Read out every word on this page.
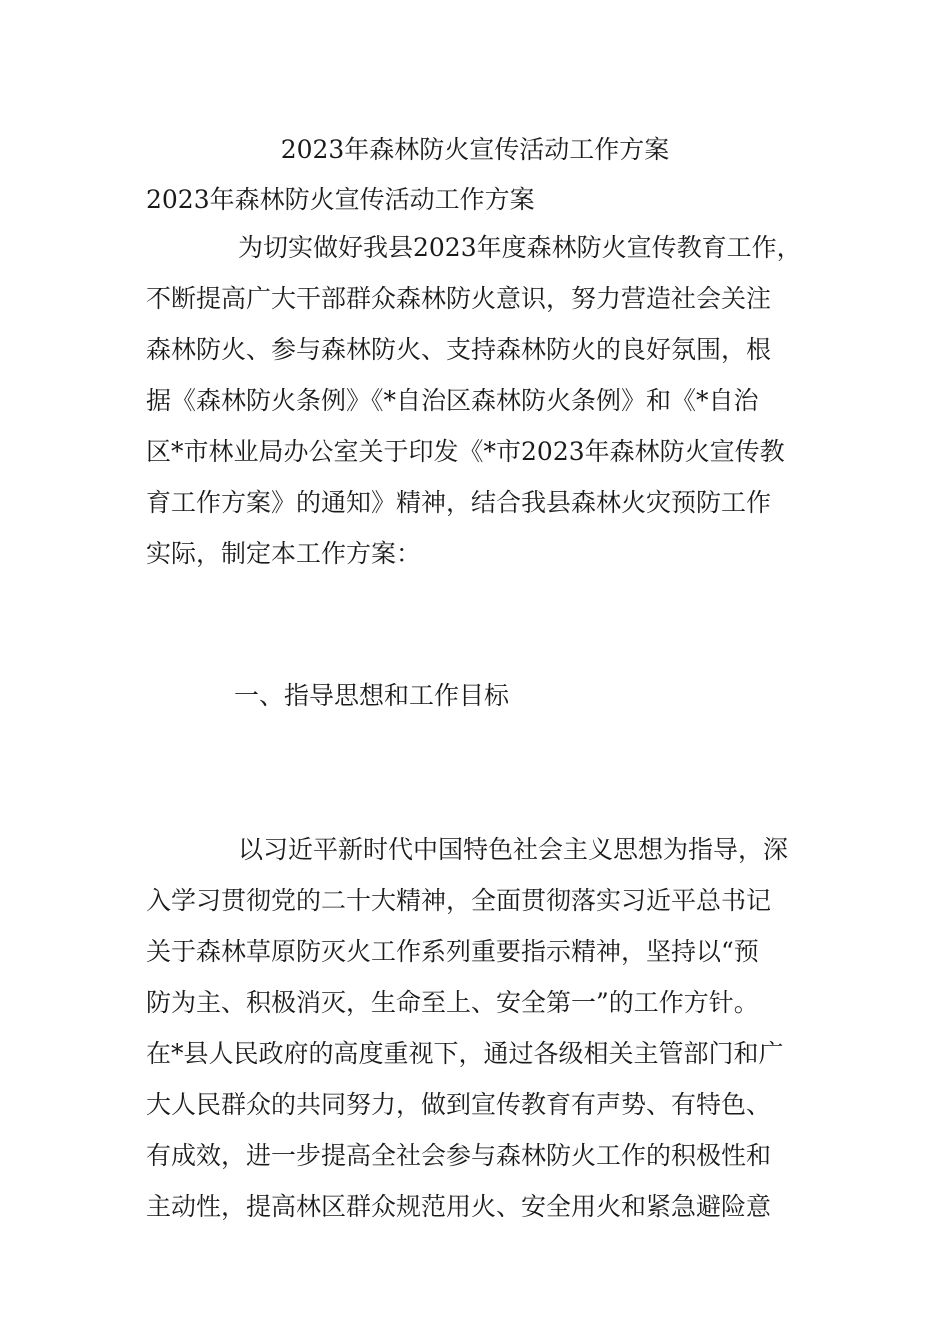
2023年森林防火宣传活动工作方案
2023年森林防火宣传活动工作方案

为切实做好我县2023年度森林防火宣传教育工作，
不断提高广大干部群众森林防火意识，努力营造社会关注
森林防火、参与森林防火、支持森林防火的良好氛围，根
据《森林防火条例》《*自治区森林防火条例》和《*自治
区*市林业局办公室关于印发《*市2023年森林防火宣传教
育工作方案》的通知》精神，结合我县森林火灾预防工作
实际，制定本工作方案：

一、指导思想和工作目标

以习近平新时代中国特色社会主义思想为指导，深
入学习贯彻党的二十大精神，全面贯彻落实习近平总书记
关于森林草原防灭火工作系列重要指示精神，坚持以“预
防为主、积极消灭，生命至上、安全第一”的工作方针。
在*县人民政府的高度重视下，通过各级相关主管部门和广
大人民群众的共同努力，做到宣传教育有声势、有特色、
有成效，进一步提高全社会参与森林防火工作的积极性和
主动性，提高林区群众规范用火、安全用火和紧急避险意
